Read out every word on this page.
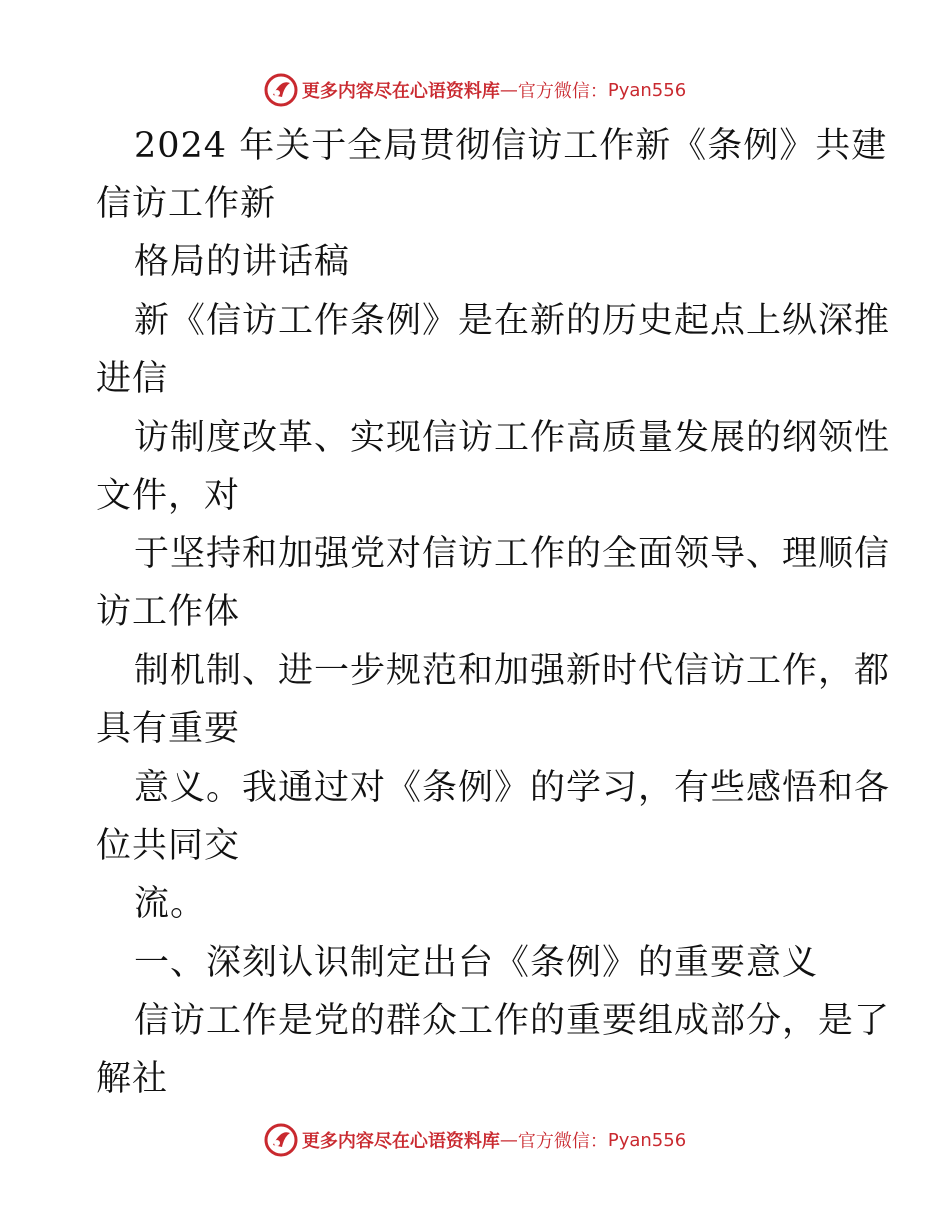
更多内容尽在心语资料库 — 官方微信： Pyan556
2024 年关于全局贯彻信访工作新《条例》共建
信访工作新
格局的讲话稿
新《信访工作条例》是在新的历史起点上纵深推
进信
访制度改革、实现信访工作高质量发展的纲领性
文件，对
于坚持和加强党对信访工作的全面领导、理顺信
访工作体
制机制、进一步规范和加强新时代信访工作，都
具有重要
意义。我通过对《条例》的学习，有些感悟和各
位共同交
流。
一、深刻认识制定出台《条例》的重要意义
信访工作是党的群众工作的重要组成部分，是了
解社
更多内容尽在心语资料库 — 官方微信： Pyan556
